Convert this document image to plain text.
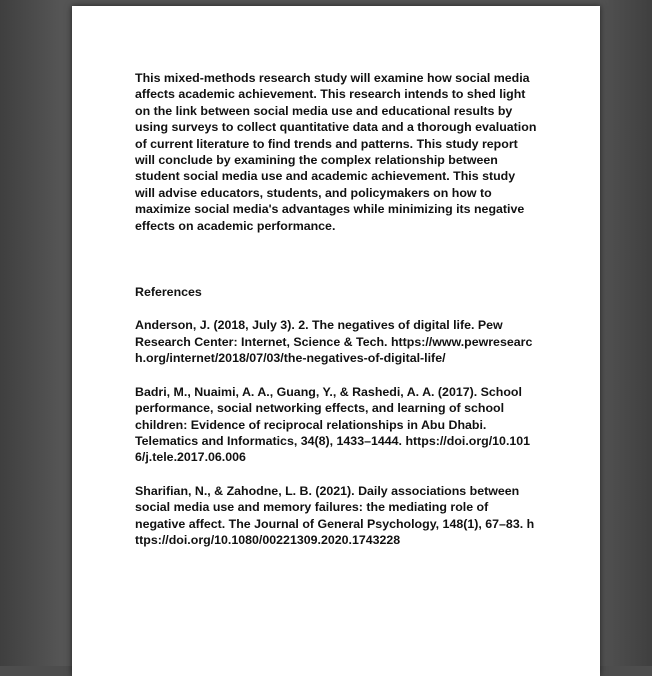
This mixed-methods research study will examine how social media affects academic achievement. This research intends to shed light on the link between social media use and educational results by using surveys to collect quantitative data and a thorough evaluation of current literature to find trends and patterns. This study report will conclude by examining the complex relationship between student social media use and academic achievement. This study will advise educators, students, and policymakers on how to maximize social media's advantages while minimizing its negative effects on academic performance.

References

Anderson, J. (2018, July 3). 2. The negatives of digital life. Pew Research Center: Internet, Science & Tech. https://www.pewresearch.org/internet/2018/07/03/the-negatives-of-digital-life/

Badri, M., Nuaimi, A. A., Guang, Y., & Rashedi, A. A. (2017). School performance, social networking effects, and learning of school children: Evidence of reciprocal relationships in Abu Dhabi. Telematics and Informatics, 34(8), 1433–1444. https://doi.org/10.1016/j.tele.2017.06.006

Sharifian, N., & Zahodne, L. B. (2021). Daily associations between social media use and memory failures: the mediating role of negative affect. The Journal of General Psychology, 148(1), 67–83. https://doi.org/10.1080/00221309.2020.1743228
